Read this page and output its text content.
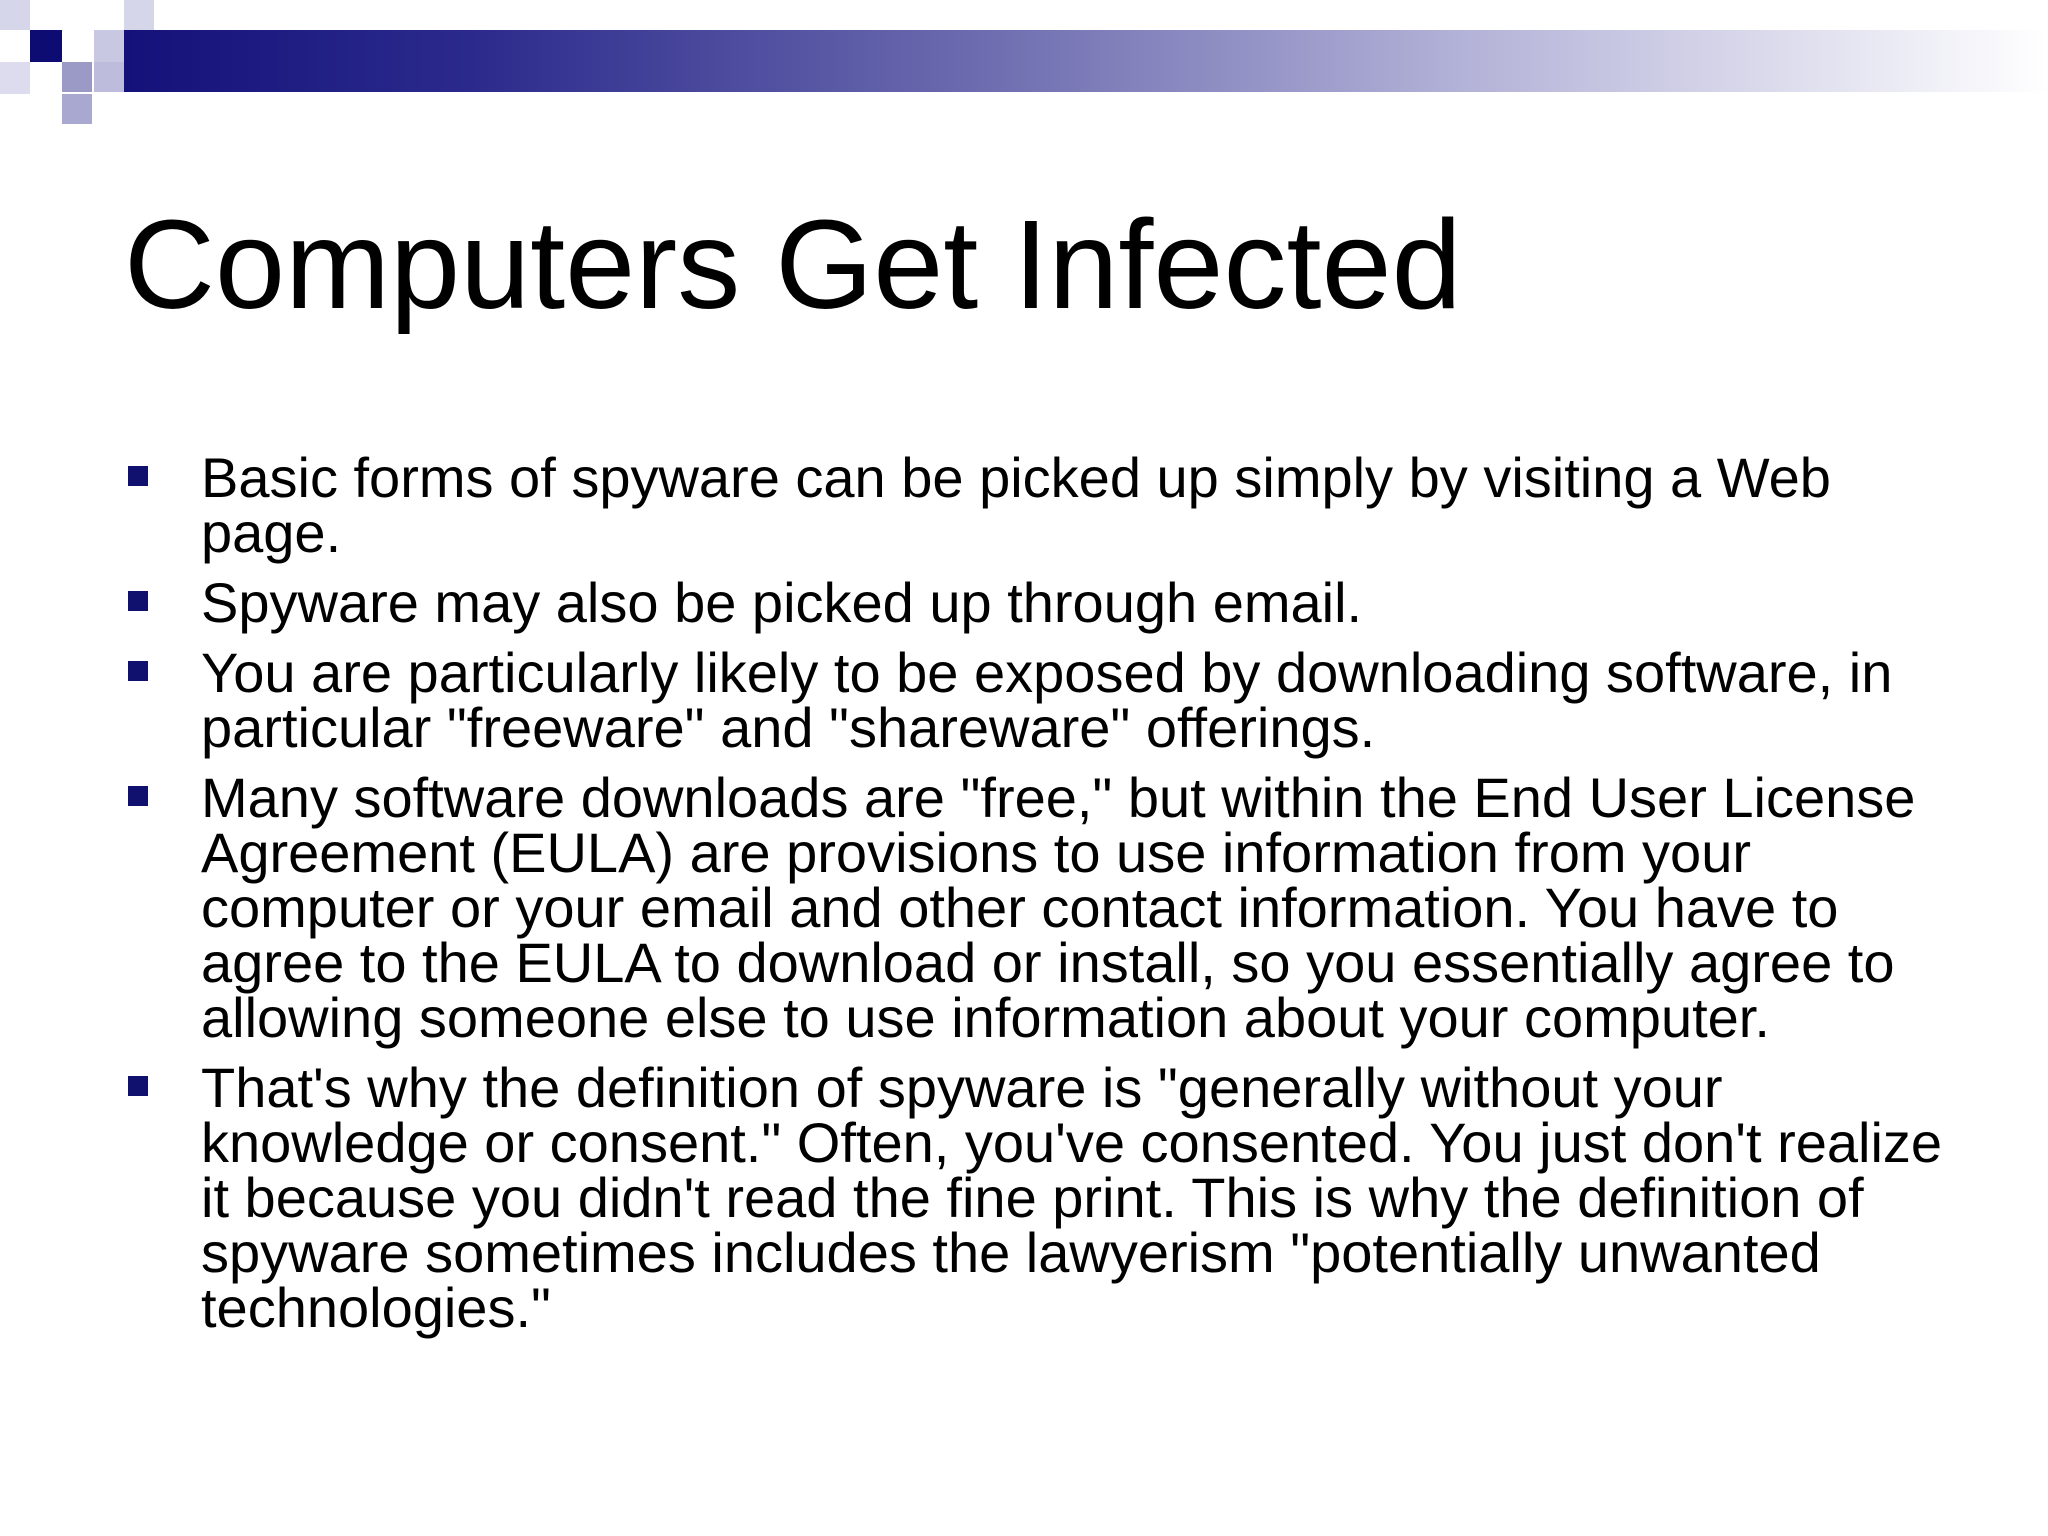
Computers Get Infected
Basic forms of spyware can be picked up simply by visiting a Web page.
Spyware may also be picked up through email.
You are particularly likely to be exposed by downloading software, in particular "freeware" and "shareware" offerings.
Many software downloads are "free," but within the End User License Agreement (EULA) are provisions to use information from your computer or your email and other contact information. You have to agree to the EULA to download or install, so you essentially agree to allowing someone else to use information about your computer.
That's why the definition of spyware is "generally without your knowledge or consent." Often, you've consented. You just don't realize it because you didn't read the fine print. This is why the definition of spyware sometimes includes the lawyerism "potentially unwanted technologies."
